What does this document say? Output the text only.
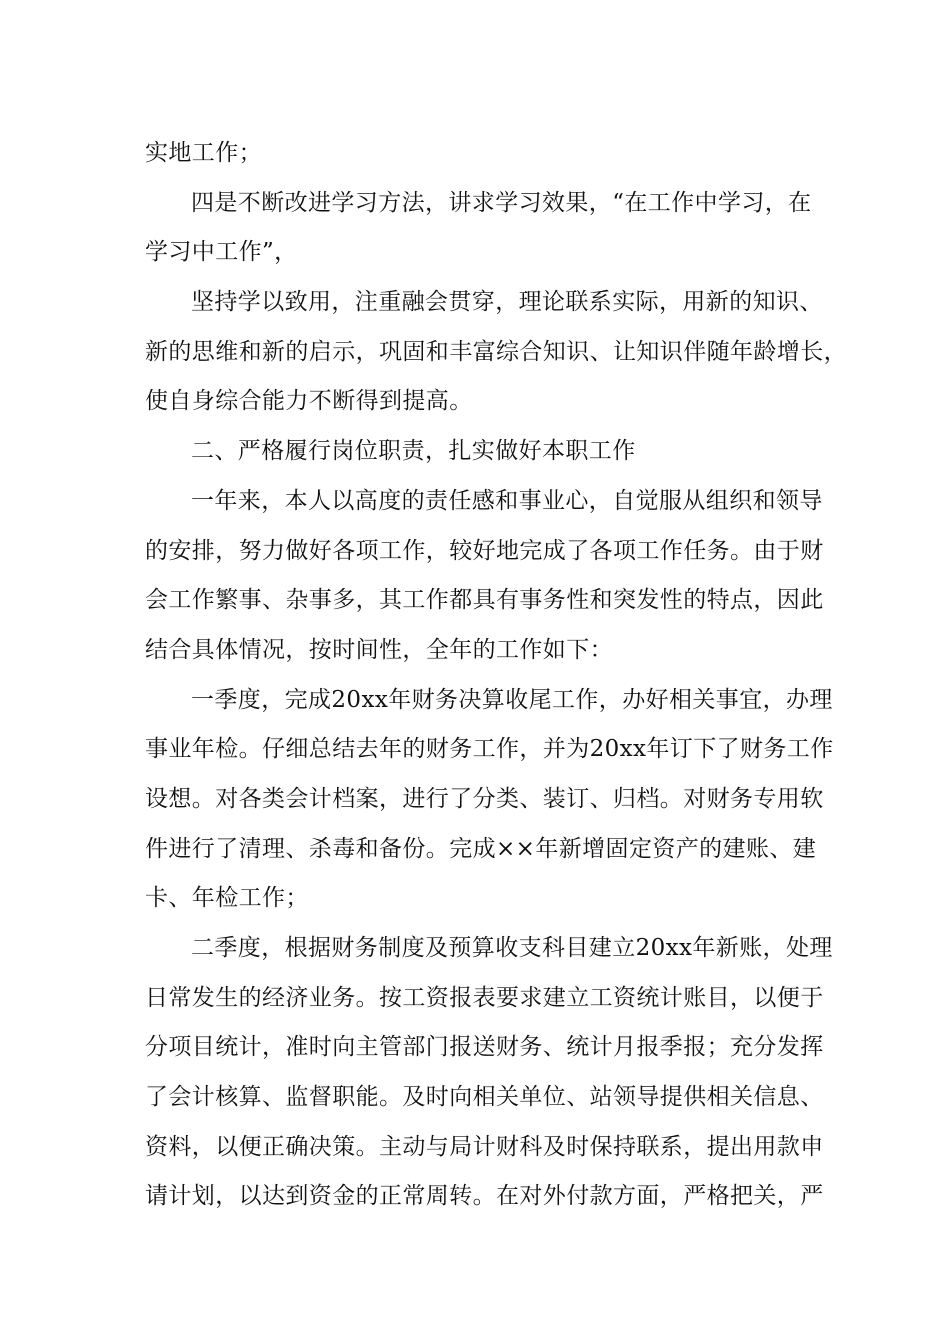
实地工作；
四是不断改进学习方法，讲求学习效果，“在工作中学习，在
学习中工作”，
坚持学以致用，注重融会贯穿，理论联系实际，用新的知识、
新的思维和新的启示，巩固和丰富综合知识、让知识伴随年龄增长，
使自身综合能力不断得到提高。
二、严格履行岗位职责，扎实做好本职工作
一年来，本人以高度的责任感和事业心，自觉服从组织和领导
的安排，努力做好各项工作，较好地完成了各项工作任务。由于财
会工作繁事、杂事多，其工作都具有事务性和突发性的特点，因此
结合具体情况，按时间性，全年的工作如下：
一季度，完成20xx年财务决算收尾工作，办好相关事宜，办理
事业年检。仔细总结去年的财务工作，并为20xx年订下了财务工作
设想。对各类会计档案，进行了分类、装订、归档。对财务专用软
件进行了清理、杀毒和备份。完成××年新增固定资产的建账、建
卡、年检工作；
二季度，根据财务制度及预算收支科目建立20xx年新账，处理
日常发生的经济业务。按工资报表要求建立工资统计账目，以便于
分项目统计，准时向主管部门报送财务、统计月报季报；充分发挥
了会计核算、监督职能。及时向相关单位、站领导提供相关信息、
资料，以便正确决策。主动与局计财科及时保持联系，提出用款申
请计划，以达到资金的正常周转。在对外付款方面，严格把关，严
